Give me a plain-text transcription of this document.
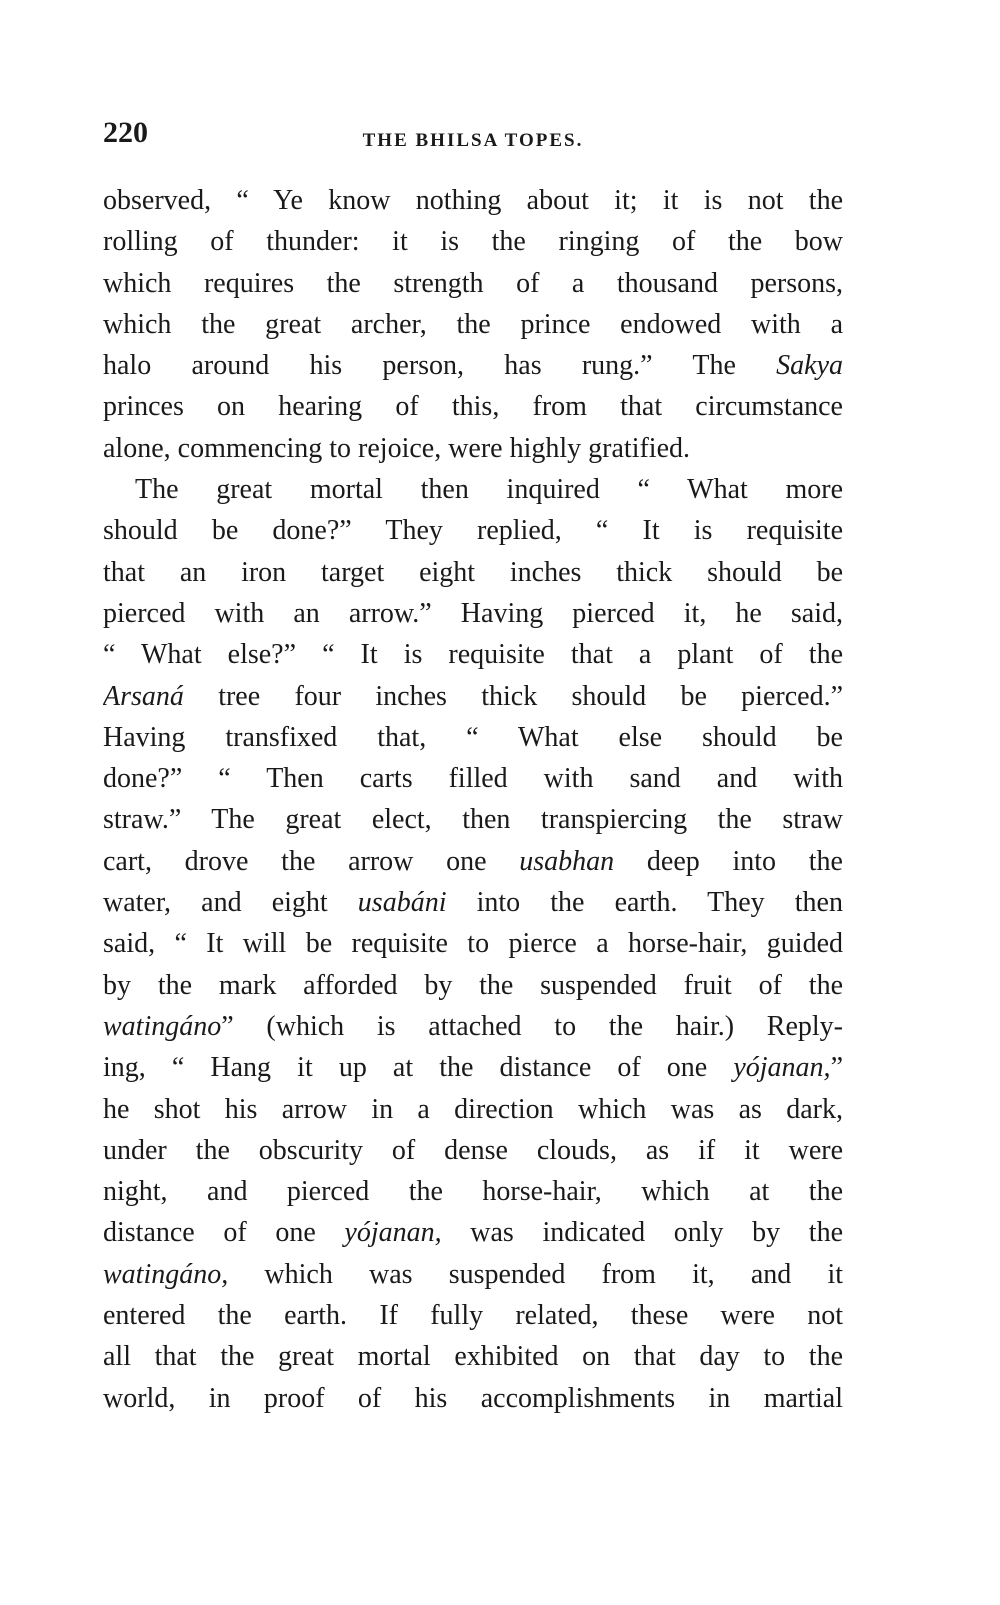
220	THE BHILSA TOPES.
observed, “ Ye know nothing about it; it is not the
rolling of thunder: it is the ringing of the bow
which requires the strength of a thousand persons,
which the great archer, the prince endowed with a
halo around his person, has rung.” The Sakya
princes on hearing of this, from that circumstance
alone, commencing to rejoice, were highly gratified.
The great mortal then inquired “ What more
should be done?” They replied, “ It is requisite
that an iron target eight inches thick should be
pierced with an arrow.” Having pierced it, he said,
“ What else?” “ It is requisite that a plant of the
Arsaná tree four inches thick should be pierced.”
Having transfixed that, “ What else should be
done?” “ Then carts filled with sand and with
straw.” The great elect, then transpiercing the straw
cart, drove the arrow one usabhan deep into the
water, and eight usabáni into the earth. They then
said, “ It will be requisite to pierce a horse-hair, guided
by the mark afforded by the suspended fruit of the
watingáno” (which is attached to the hair.) Reply-
ing, “ Hang it up at the distance of one yójanan,”
he shot his arrow in a direction which was as dark,
under the obscurity of dense clouds, as if it were
night, and pierced the horse-hair, which at the
distance of one yójanan, was indicated only by the
watingáno, which was suspended from it, and it
entered the earth. If fully related, these were not
all that the great mortal exhibited on that day to the
world, in proof of his accomplishments in martial
